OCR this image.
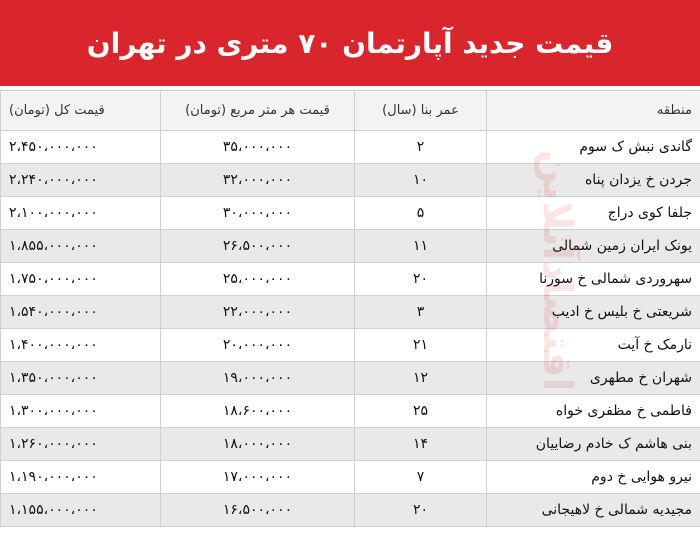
قیمت جدید آپارتمان ۷۰ متری در تهران
منطقه	عمر بنا (سال)	قیمت هر متر مربع (تومان)	قیمت کل (تومان)
گاندی نبش ک سوم	۲	۳۵،۰۰۰،۰۰۰	۲،۴۵۰،۰۰۰،۰۰۰
جردن خ یزدان پناه	۱۰	۳۲،۰۰۰،۰۰۰	۲،۲۴۰،۰۰۰،۰۰۰
جلفا کوی دراج	۵	۳۰،۰۰۰،۰۰۰	۲،۱۰۰،۰۰۰،۰۰۰
یونک ایران زمین شمالی	۱۱	۲۶،۵۰۰،۰۰۰	۱،۸۵۵،۰۰۰،۰۰۰
سهروردی شمالی خ سورنا	۲۰	۲۵،۰۰۰،۰۰۰	۱،۷۵۰،۰۰۰،۰۰۰
شریعتی خ بلیس خ ادیب	۳	۲۲،۰۰۰،۰۰۰	۱،۵۴۰،۰۰۰،۰۰۰
نارمک خ آیت	۲۱	۲۰،۰۰۰،۰۰۰	۱،۴۰۰،۰۰۰،۰۰۰
شهران خ مطهری	۱۲	۱۹،۰۰۰،۰۰۰	۱،۳۵۰،۰۰۰،۰۰۰
فاطمی خ مظفری خواه	۲۵	۱۸،۶۰۰،۰۰۰	۱،۳۰۰،۰۰۰،۰۰۰
بنی هاشم ک خادم رضاییان	۱۴	۱۸،۰۰۰،۰۰۰	۱،۲۶۰،۰۰۰،۰۰۰
نیرو هوایی خ دوم	۷	۱۷،۰۰۰،۰۰۰	۱،۱۹۰،۰۰۰،۰۰۰
مجیدیه شمالی خ لاهیجانی	۲۰	۱۶،۵۰۰،۰۰۰	۱،۱۵۵،۰۰۰،۰۰۰
